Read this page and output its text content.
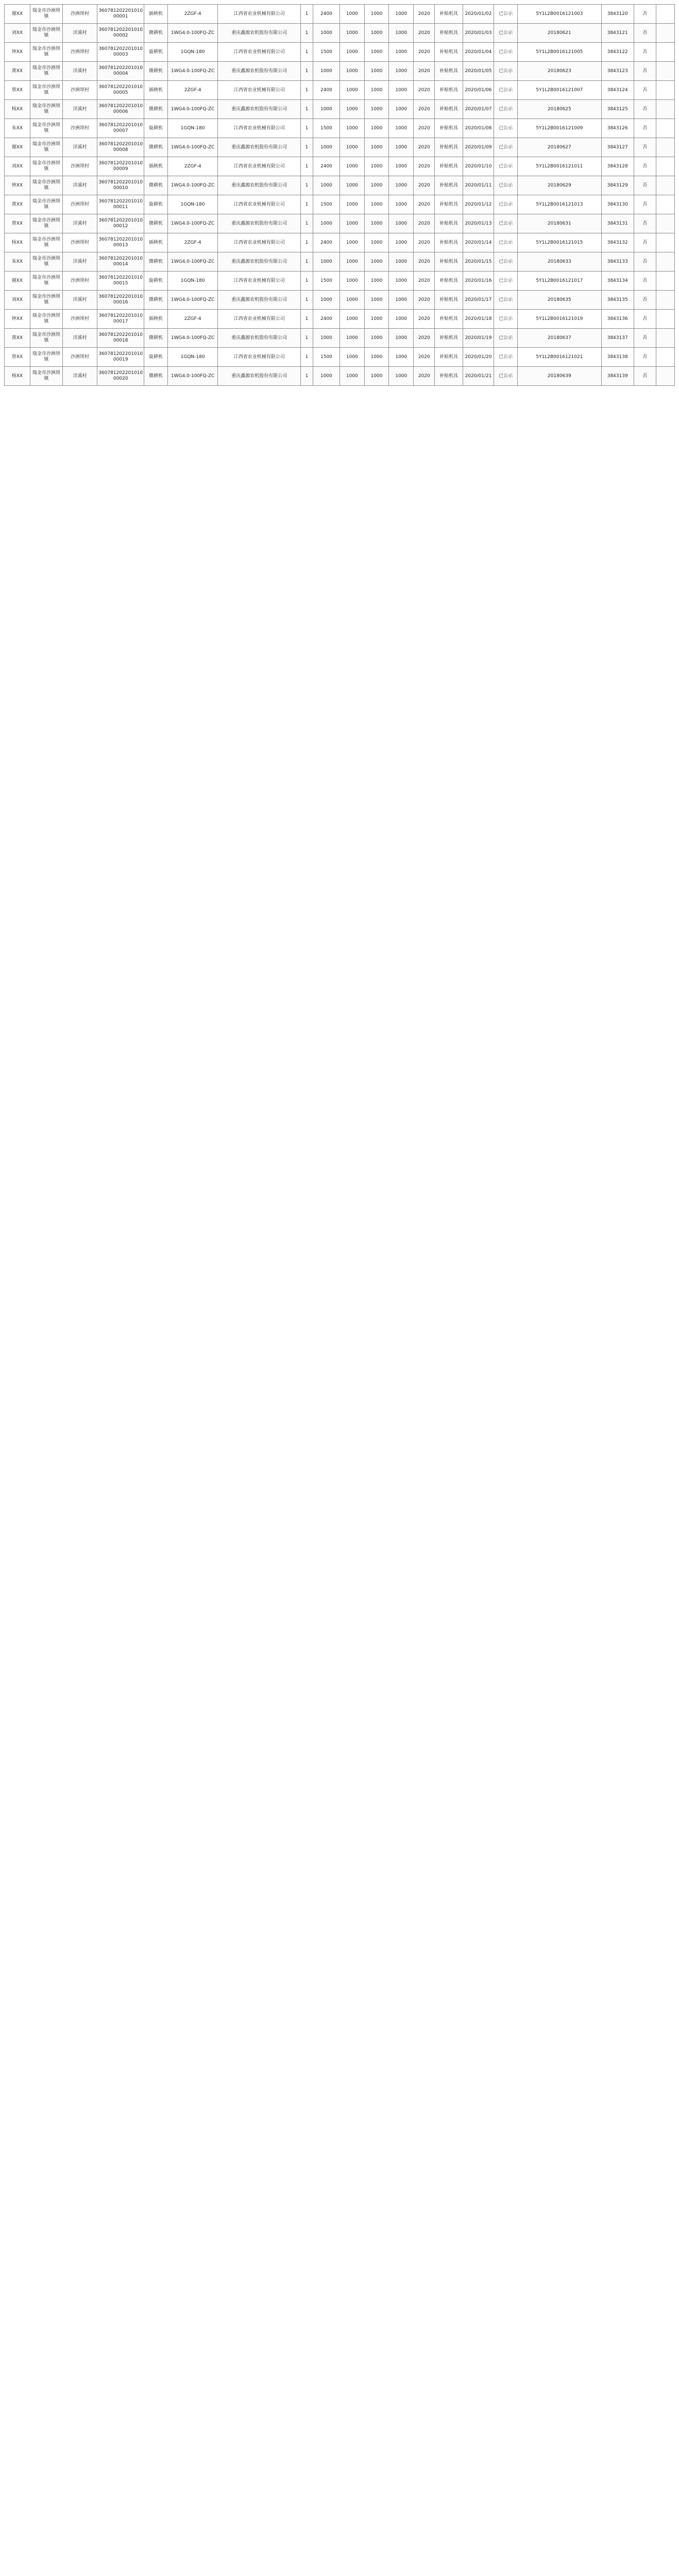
谢XX	瑞金市沙洲坝镇	沙洲坝村	36078120220101000001	插秧机	2ZGF-4	江西省农业机械有限公司	1	2400	1000	1000	1000	2020	补贴机具	2020/01/02	已公示	5Y1L2B0016121003	3843120	否	
刘XX	瑞金市沙洲坝镇	洋溪村	36078120220101000002	微耕机	1WG4.0-100FQ-ZC	重庆鑫源农机股份有限公司	1	1000	1000	1000	1000	2020	补贴机具	2020/01/03	已公示	20180621	3843121	否	
钟XX	瑞金市沙洲坝镇	沙洲坝村	36078120220101000003	旋耕机	1GQN-180	江西省农业机械有限公司	1	1500	1000	1000	1000	2020	补贴机具	2020/01/04	已公示	5Y1L2B0016121005	3843122	否	
黄XX	瑞金市沙洲坝镇	洋溪村	36078120220101000004	微耕机	1WG4.0-100FQ-ZC	重庆鑫源农机股份有限公司	1	1000	1000	1000	1000	2020	补贴机具	2020/01/05	已公示	20180623	3843123	否	
曾XX	瑞金市沙洲坝镇	沙洲坝村	36078120220101000005	插秧机	2ZGF-4	江西省农业机械有限公司	1	2400	1000	1000	1000	2020	补贴机具	2020/01/06	已公示	5Y1L2B0016121007	3843124	否	
杨XX	瑞金市沙洲坝镇	洋溪村	36078120220101000006	微耕机	1WG4.0-100FQ-ZC	重庆鑫源农机股份有限公司	1	1000	1000	1000	1000	2020	补贴机具	2020/01/07	已公示	20180625	3843125	否	
朱XX	瑞金市沙洲坝镇	沙洲坝村	36078120220101000007	旋耕机	1GQN-180	江西省农业机械有限公司	1	1500	1000	1000	1000	2020	补贴机具	2020/01/08	已公示	5Y1L2B0016121009	3843126	否	
谢XX	瑞金市沙洲坝镇	洋溪村	36078120220101000008	微耕机	1WG4.0-100FQ-ZC	重庆鑫源农机股份有限公司	1	1000	1000	1000	1000	2020	补贴机具	2020/01/09	已公示	20180627	3843127	否	
刘XX	瑞金市沙洲坝镇	沙洲坝村	36078120220101000009	插秧机	2ZGF-4	江西省农业机械有限公司	1	2400	1000	1000	1000	2020	补贴机具	2020/01/10	已公示	5Y1L2B0016121011	3843128	否	
钟XX	瑞金市沙洲坝镇	洋溪村	36078120220101000010	微耕机	1WG4.0-100FQ-ZC	重庆鑫源农机股份有限公司	1	1000	1000	1000	1000	2020	补贴机具	2020/01/11	已公示	20180629	3843129	否	
黄XX	瑞金市沙洲坝镇	沙洲坝村	36078120220101000011	旋耕机	1GQN-180	江西省农业机械有限公司	1	1500	1000	1000	1000	2020	补贴机具	2020/01/12	已公示	5Y1L2B0016121013	3843130	否	
曾XX	瑞金市沙洲坝镇	洋溪村	36078120220101000012	微耕机	1WG4.0-100FQ-ZC	重庆鑫源农机股份有限公司	1	1000	1000	1000	1000	2020	补贴机具	2020/01/13	已公示	20180631	3843131	否	
杨XX	瑞金市沙洲坝镇	沙洲坝村	36078120220101000013	插秧机	2ZGF-4	江西省农业机械有限公司	1	2400	1000	1000	1000	2020	补贴机具	2020/01/14	已公示	5Y1L2B0016121015	3843132	否	
朱XX	瑞金市沙洲坝镇	洋溪村	36078120220101000014	微耕机	1WG4.0-100FQ-ZC	重庆鑫源农机股份有限公司	1	1000	1000	1000	1000	2020	补贴机具	2020/01/15	已公示	20180633	3843133	否	
谢XX	瑞金市沙洲坝镇	沙洲坝村	36078120220101000015	旋耕机	1GQN-180	江西省农业机械有限公司	1	1500	1000	1000	1000	2020	补贴机具	2020/01/16	已公示	5Y1L2B0016121017	3843134	否	
刘XX	瑞金市沙洲坝镇	洋溪村	36078120220101000016	微耕机	1WG4.0-100FQ-ZC	重庆鑫源农机股份有限公司	1	1000	1000	1000	1000	2020	补贴机具	2020/01/17	已公示	20180635	3843135	否	
钟XX	瑞金市沙洲坝镇	沙洲坝村	36078120220101000017	插秧机	2ZGF-4	江西省农业机械有限公司	1	2400	1000	1000	1000	2020	补贴机具	2020/01/18	已公示	5Y1L2B0016121019	3843136	否	
黄XX	瑞金市沙洲坝镇	洋溪村	36078120220101000018	微耕机	1WG4.0-100FQ-ZC	重庆鑫源农机股份有限公司	1	1000	1000	1000	1000	2020	补贴机具	2020/01/19	已公示	20180637	3843137	否	
曾XX	瑞金市沙洲坝镇	沙洲坝村	36078120220101000019	旋耕机	1GQN-180	江西省农业机械有限公司	1	1500	1000	1000	1000	2020	补贴机具	2020/01/20	已公示	5Y1L2B0016121021	3843138	否	
杨XX	瑞金市沙洲坝镇	洋溪村	36078120220101000020	微耕机	1WG4.0-100FQ-ZC	重庆鑫源农机股份有限公司	1	1000	1000	1000	1000	2020	补贴机具	2020/01/21	已公示	20180639	3843139	否	
